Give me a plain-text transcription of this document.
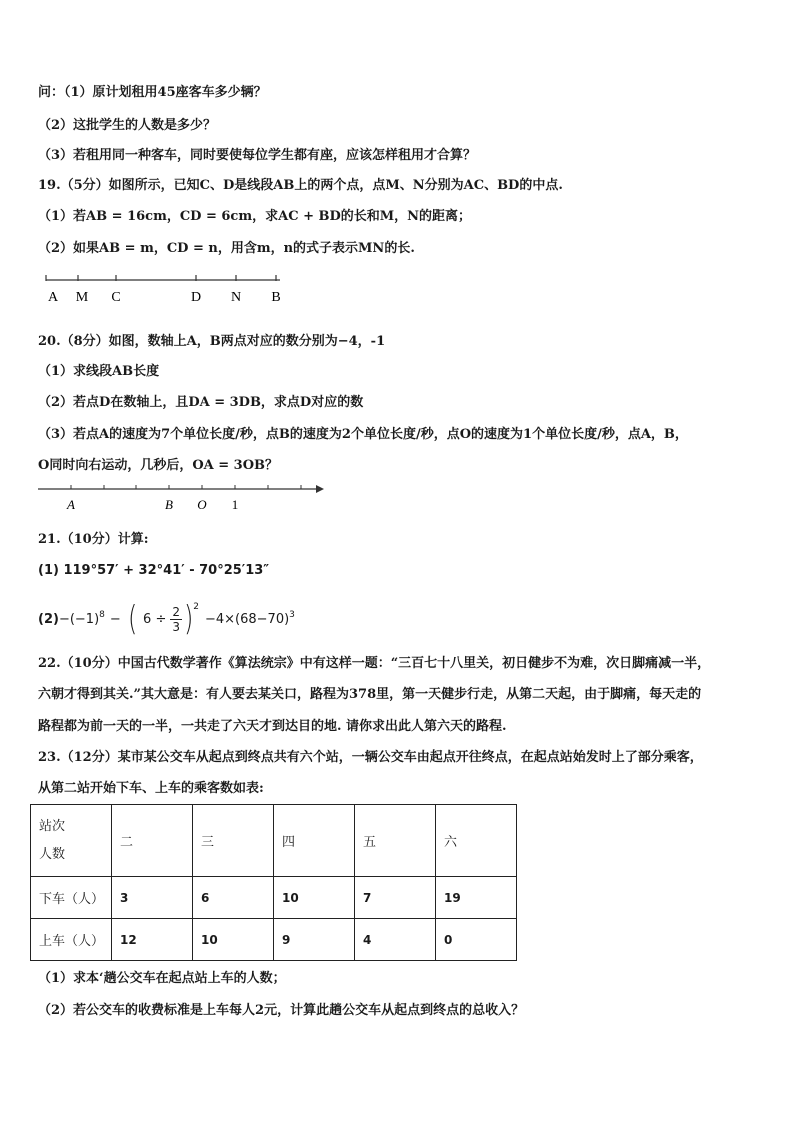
问：（1）原计划租用45座客车多少辆？
（2）这批学生的人数是多少？
（3）若租用同一种客车，同时要使每位学生都有座，应该怎样租用才合算？
19.（5分）如图所示，已知C、D是线段AB上的两个点，点M、N分别为AC、BD的中点.
（1）若AB = 16cm，CD = 6cm，求AC + BD的长和M，N的距离；
（2）如果AB = m，CD = n，用含m，n的式子表示MN的长.
A M C	D N B
20.（8分）如图，数轴上A，B两点对应的数分别为−4，-1
（1）求线段AB长度
（2）若点D在数轴上，且DA = 3DB，求点D对应的数
（3）若点A的速度为7个单位长度/秒，点B的速度为2个单位长度/秒，点O的速度为1个单位长度/秒，点A，B，
O同时向右运动，几秒后，OA = 3OB？
A	B O 1
21.（10分）计算:
(1) 119°57′ + 32°41′ - 70°25′13″
$(2) -(-1)^8$ − ( $6 \div \frac{2}{3} )^2$
$-4\times(68-70)^3$
22.（10分）中国古代数学著作《算法统宗》中有这样一题：“三百七十八里关，初日健步不为难，次日脚痛减一半，
六朝才得到其关.”其大意是：有人要去某关口，路程为378里，第一天健步行走，从第二天起，由于脚痛，每天走的
路程都为前一天的一半，一共走了六天才到达目的地. 请你求出此人第六天的路程.
23.（12分）某市某公交车从起点到终点共有六个站，一辆公交车由起点开往终点，在起点站始发时上了部分乘客，
从第二站开始下车、上车的乘客数如表:
站次
人数	二	三	四	五	六
下车（人）	3	6	10	7	19
上车（人）	12	10	9	4	0
（1）求本‘趟公交车在起点站上车的人数；
（2）若公交车的收费标准是上车每人2元，计算此趟公交车从起点到终点的总收入？
